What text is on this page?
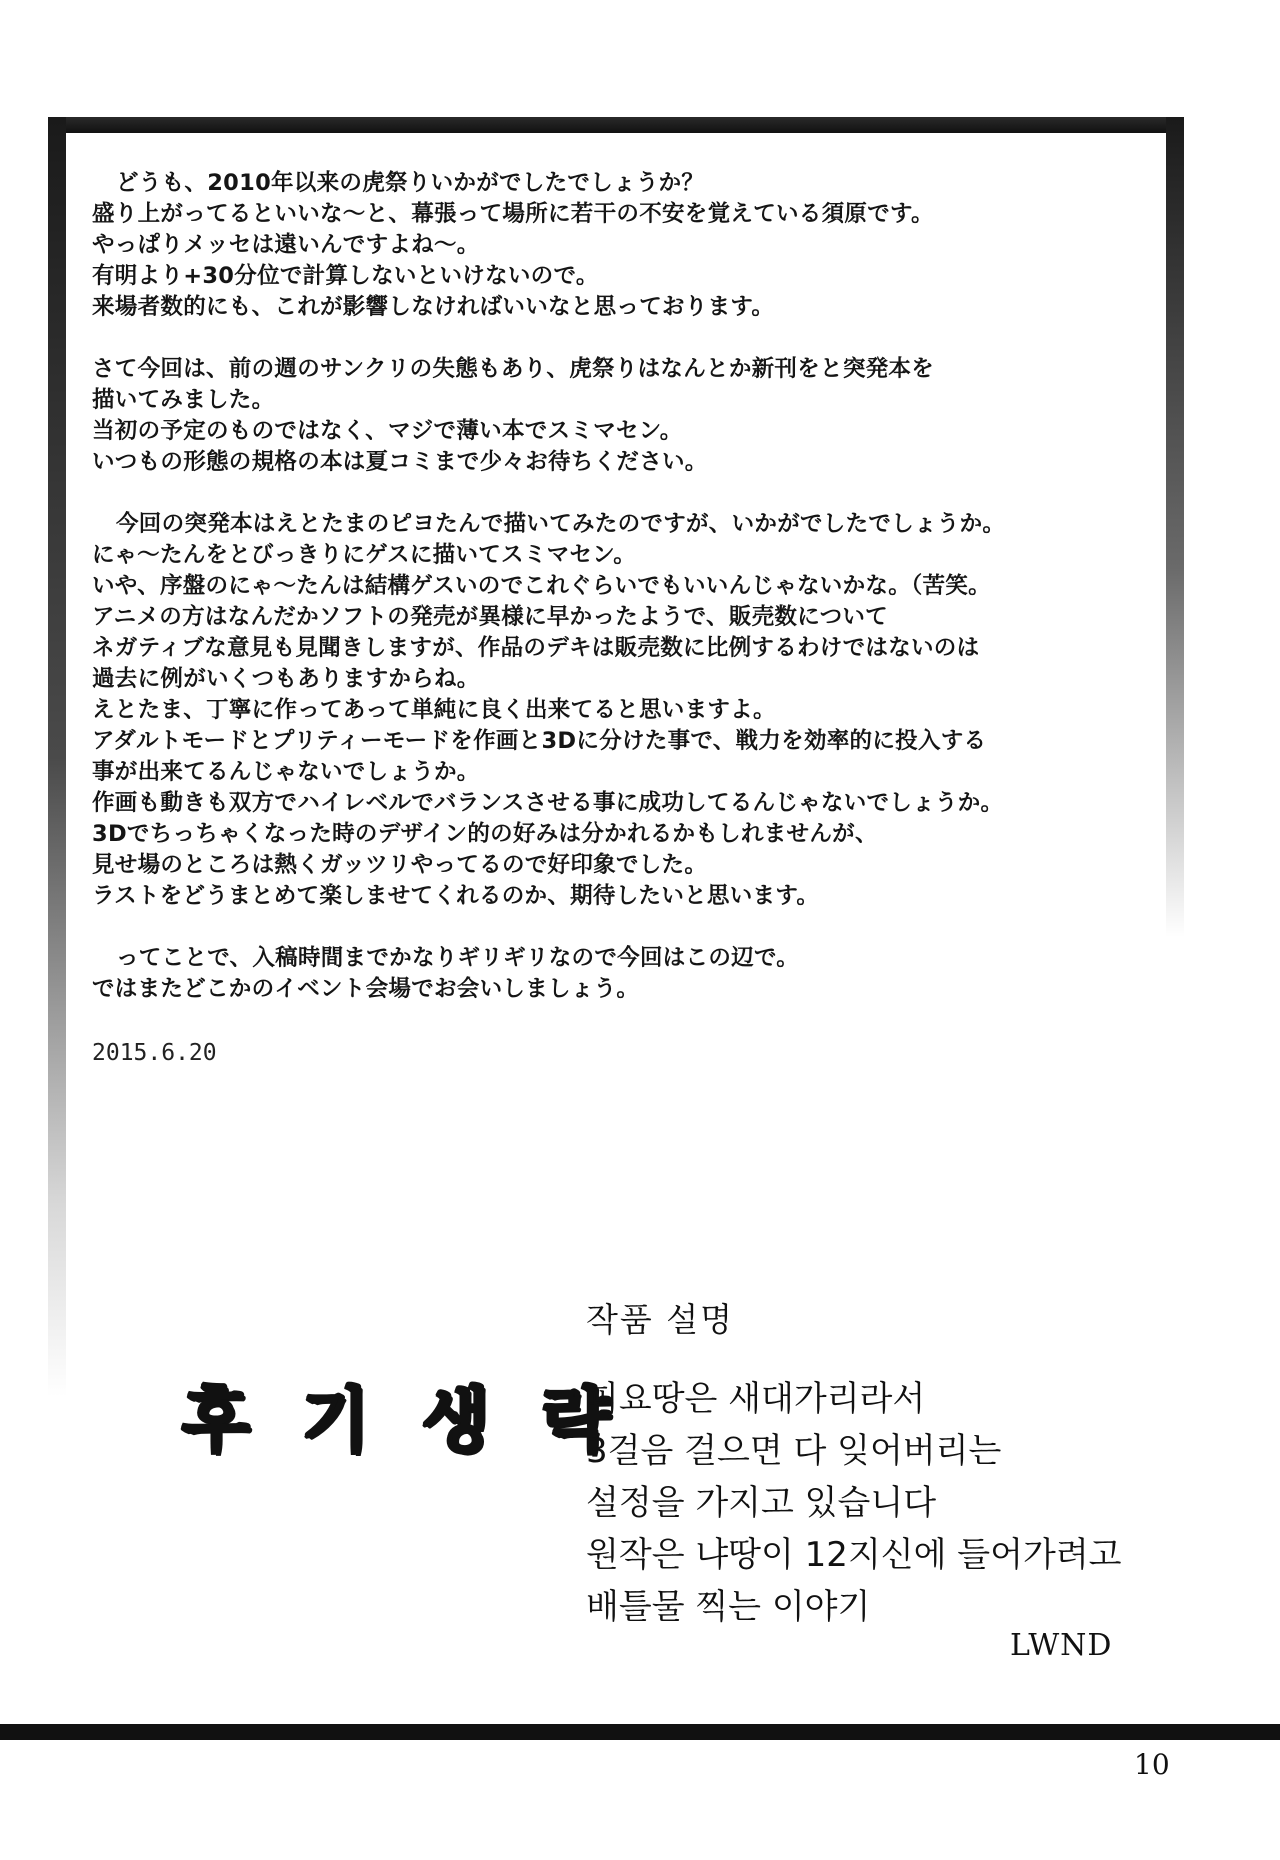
どうも、2010年以来の虎祭りいかがでしたでしょうか？
盛り上がってるといいな～と、幕張って場所に若干の不安を覚えている須原です。
やっぱりメッセは遠いんですよね～。
有明より+30分位で計算しないといけないので。
来場者数的にも、これが影響しなければいいなと思っております。

さて今回は、前の週のサンクリの失態もあり、虎祭りはなんとか新刊をと突発本を
描いてみました。
当初の予定のものではなく、マジで薄い本でスミマセン。
いつもの形態の規格の本は夏コミまで少々お待ちください。

今回の突発本はえとたまのピヨたんで描いてみたのですが、いかがでしたでしょうか。
にゃ～たんをとびっきりにゲスに描いてスミマセン。
いや、序盤のにゃ～たんは結構ゲスいのでこれぐらいでもいいんじゃないかな。（苦笑。
アニメの方はなんだかソフトの発売が異様に早かったようで、販売数について
ネガティブな意見も見聞きしますが、作品のデキは販売数に比例するわけではないのは
過去に例がいくつもありますからね。
えとたま、丁寧に作ってあって単純に良く出来てると思いますよ。
アダルトモードとプリティーモードを作画と3Dに分けた事で、戦力を効率的に投入する
事が出来てるんじゃないでしょうか。
作画も動きも双方でハイレベルでバランスさせる事に成功してるんじゃないでしょうか。
3Dでちっちゃくなった時のデザイン的の好みは分かれるかもしれませんが、
見せ場のところは熱くガッツリやってるので好印象でした。
ラストをどうまとめて楽しませてくれるのか、期待したいと思います。

ってことで、入稿時間までかなりギリギリなので今回はこの辺で。
ではまたどこかのイベント会場でお会いしましょう。

2015.6.20
후 기 생 략
작품 설명
피요땅은 새대가리라서
3걸음 걸으면 다 잊어버리는
설정을 가지고 있습니다
원작은 냐땅이 12지신에 들어가려고
배틀물 찍는 이야기
LWND
10
